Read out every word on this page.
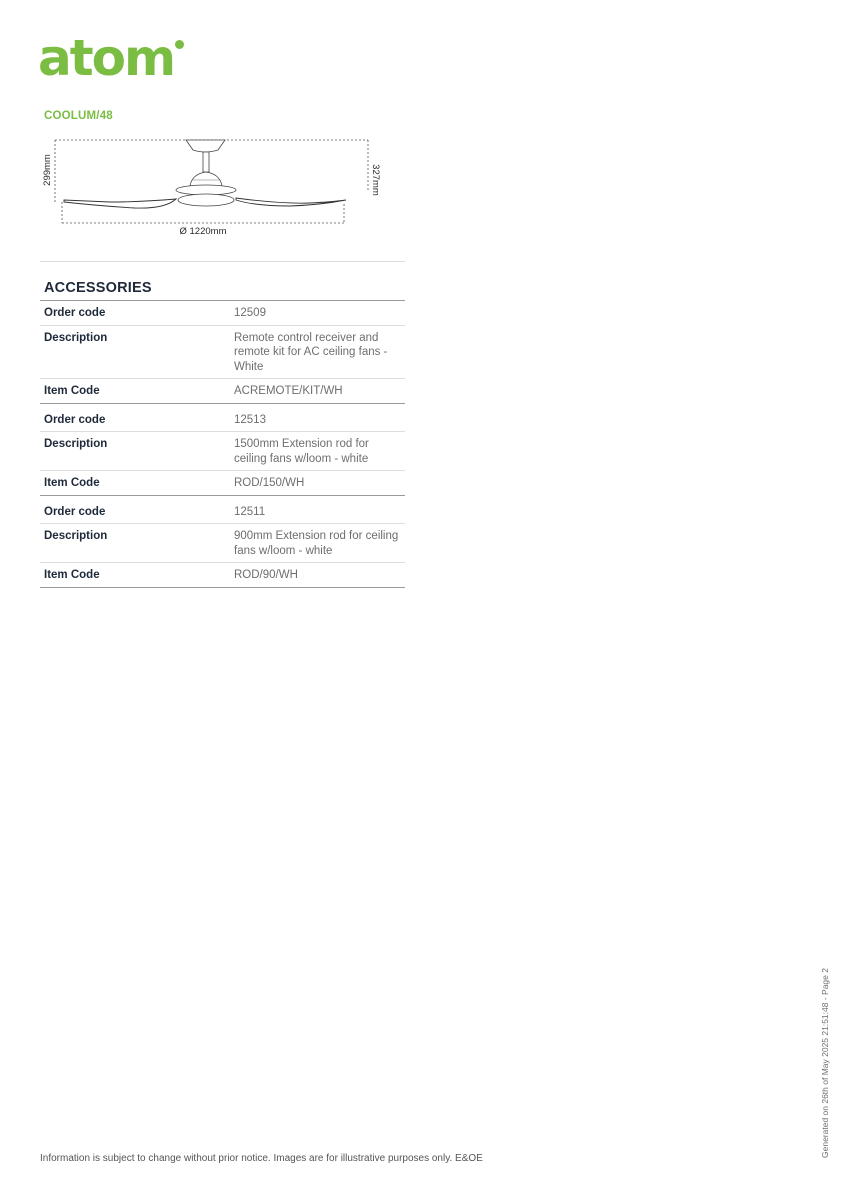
atom
COOLUM/48
299mm	327mm
Ø 1220mm
ACCESSORIES
Order code	12509
Description	Remote control receiver and remote kit for AC ceiling fans - White
Item Code	ACREMOTE/KIT/WH
Order code	12513
Description	1500mm Extension rod for ceiling fans w/loom - white
Item Code	ROD/150/WH
Order code	12511
Description	900mm Extension rod for ceiling fans w/loom - white
Item Code	ROD/90/WH
Generated on 26th of May 2025 21:51:48 - Page 2
Information is subject to change without prior notice. Images are for illustrative purposes only. E&OE
